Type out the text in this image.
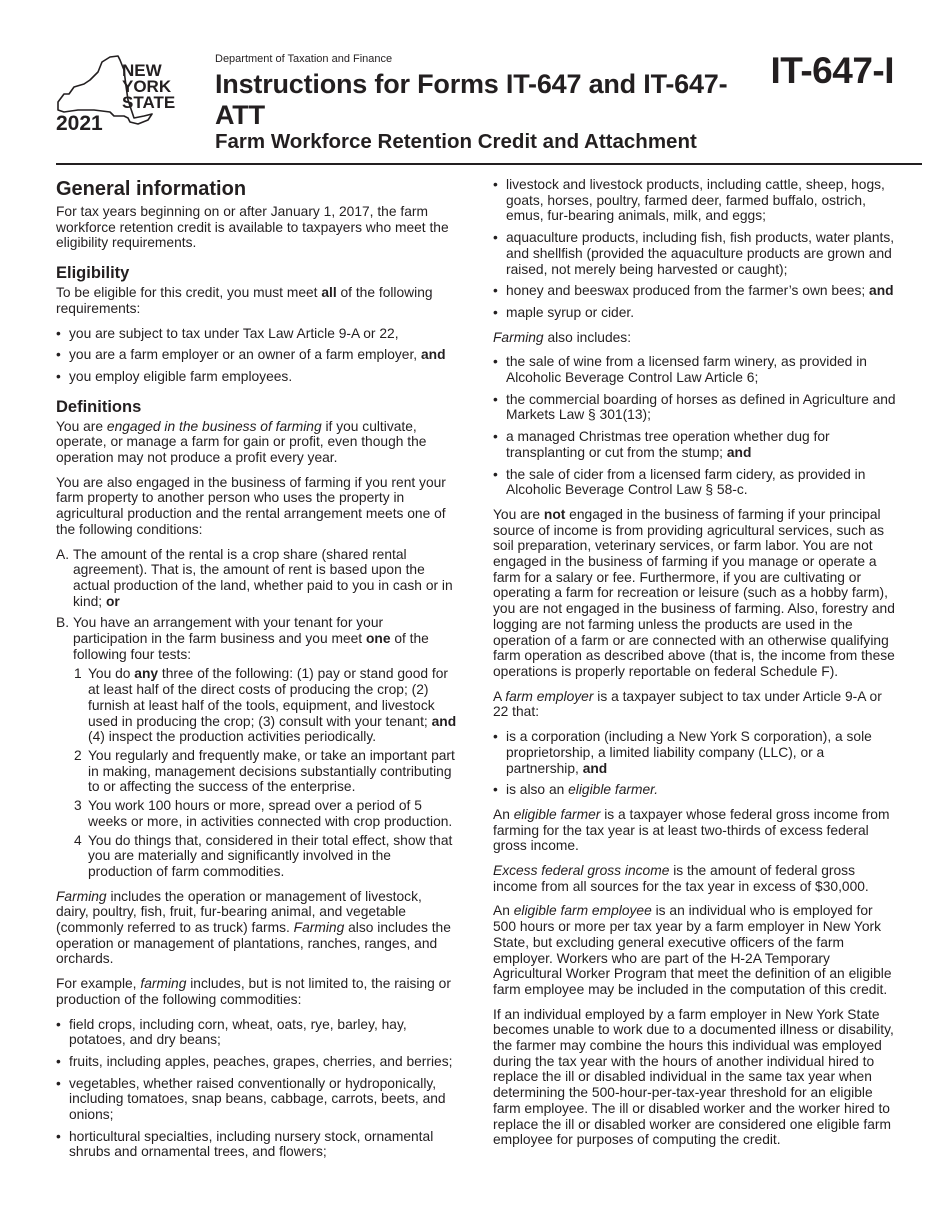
NEW
YORK
STATE
2021
Department of Taxation and Finance
Instructions for Forms IT-647 and IT-647-ATT
Farm Workforce Retention Credit and Attachment
IT-647-I
General information

For tax years beginning on or after January 1, 2017, the farm workforce retention credit is available to taxpayers who meet the eligibility requirements.

Eligibility

To be eligible for this credit, you must meet all of the following requirements:

• you are subject to tax under Tax Law Article 9-A or 22,
• you are a farm employer or an owner of a farm employer, and
• you employ eligible farm employees.
Definitions

You are engaged in the business of farming if you cultivate, operate, or manage a farm for gain or profit, even though the operation may not produce a profit every year.

You are also engaged in the business of farming if you rent your farm property to another person who uses the property in agricultural production and the rental arrangement meets one of the following conditions:

A. The amount of the rental is a crop share (shared rental agreement). That is, the amount of rent is based upon the actual production of the land, whether paid to you in cash or in kind; or
B. You have an arrangement with your tenant for your participation in the farm business and you meet one of the following four tests:
1 You do any three of the following: (1) pay or stand good for at least half of the direct costs of producing the crop; (2) furnish at least half of the tools, equipment, and livestock used in producing the crop; (3) consult with your tenant; and (4) inspect the production activities periodically.
2 You regularly and frequently make, or take an important part in making, management decisions substantially contributing to or affecting the success of the enterprise.
3 You work 100 hours or more, spread over a period of 5 weeks or more, in activities connected with crop production.
4 You do things that, considered in their total effect, show that you are materially and significantly involved in the production of farm commodities.

Farming includes the operation or management of livestock, dairy, poultry, fish, fruit, fur-bearing animal, and vegetable (commonly referred to as truck) farms. Farming also includes the operation or management of plantations, ranches, ranges, and orchards.

For example, farming includes, but is not limited to, the raising or production of the following commodities:

• field crops, including corn, wheat, oats, rye, barley, hay, potatoes, and dry beans;
• fruits, including apples, peaches, grapes, cherries, and berries;
• vegetables, whether raised conventionally or hydroponically, including tomatoes, snap beans, cabbage, carrots, beets, and onions;
• horticultural specialties, including nursery stock, ornamental shrubs and ornamental trees, and flowers;
• livestock and livestock products, including cattle, sheep, hogs, goats, horses, poultry, farmed deer, farmed buffalo, ostrich, emus, fur-bearing animals, milk, and eggs;
• aquaculture products, including fish, fish products, water plants, and shellfish (provided the aquaculture products are grown and raised, not merely being harvested or caught);
• honey and beeswax produced from the farmer’s own bees; and
• maple syrup or cider.

Farming also includes:

• the sale of wine from a licensed farm winery, as provided in Alcoholic Beverage Control Law Article 6;
• the commercial boarding of horses as defined in Agriculture and Markets Law § 301(13);
• a managed Christmas tree operation whether dug for transplanting or cut from the stump; and
• the sale of cider from a licensed farm cidery, as provided in Alcoholic Beverage Control Law § 58-c.

You are not engaged in the business of farming if your principal source of income is from providing agricultural services, such as soil preparation, veterinary services, or farm labor. You are not engaged in the business of farming if you manage or operate a farm for a salary or fee. Furthermore, if you are cultivating or operating a farm for recreation or leisure (such as a hobby farm), you are not engaged in the business of farming. Also, forestry and logging are not farming unless the products are used in the operation of a farm or are connected with an otherwise qualifying farm operation as described above (that is, the income from these operations is properly reportable on federal Schedule F).

A farm employer is a taxpayer subject to tax under Article 9-A or 22 that:

• is a corporation (including a New York S corporation), a sole proprietorship, a limited liability company (LLC), or a partnership, and
• is also an eligible farmer.

An eligible farmer is a taxpayer whose federal gross income from farming for the tax year is at least two-thirds of excess federal gross income.

Excess federal gross income is the amount of federal gross income from all sources for the tax year in excess of $30,000.

An eligible farm employee is an individual who is employed for 500 hours or more per tax year by a farm employer in New York State, but excluding general executive officers of the farm employer. Workers who are part of the H-2A Temporary Agricultural Worker Program that meet the definition of an eligible farm employee may be included in the computation of this credit.

If an individual employed by a farm employer in New York State becomes unable to work due to a documented illness or disability, the farmer may combine the hours this individual was employed during the tax year with the hours of another individual hired to replace the ill or disabled individual in the same tax year when determining the 500-hour-per-tax-year threshold for an eligible farm employee. The ill or disabled worker and the worker hired to replace the ill or disabled worker are considered one eligible farm employee for purposes of computing the credit.
